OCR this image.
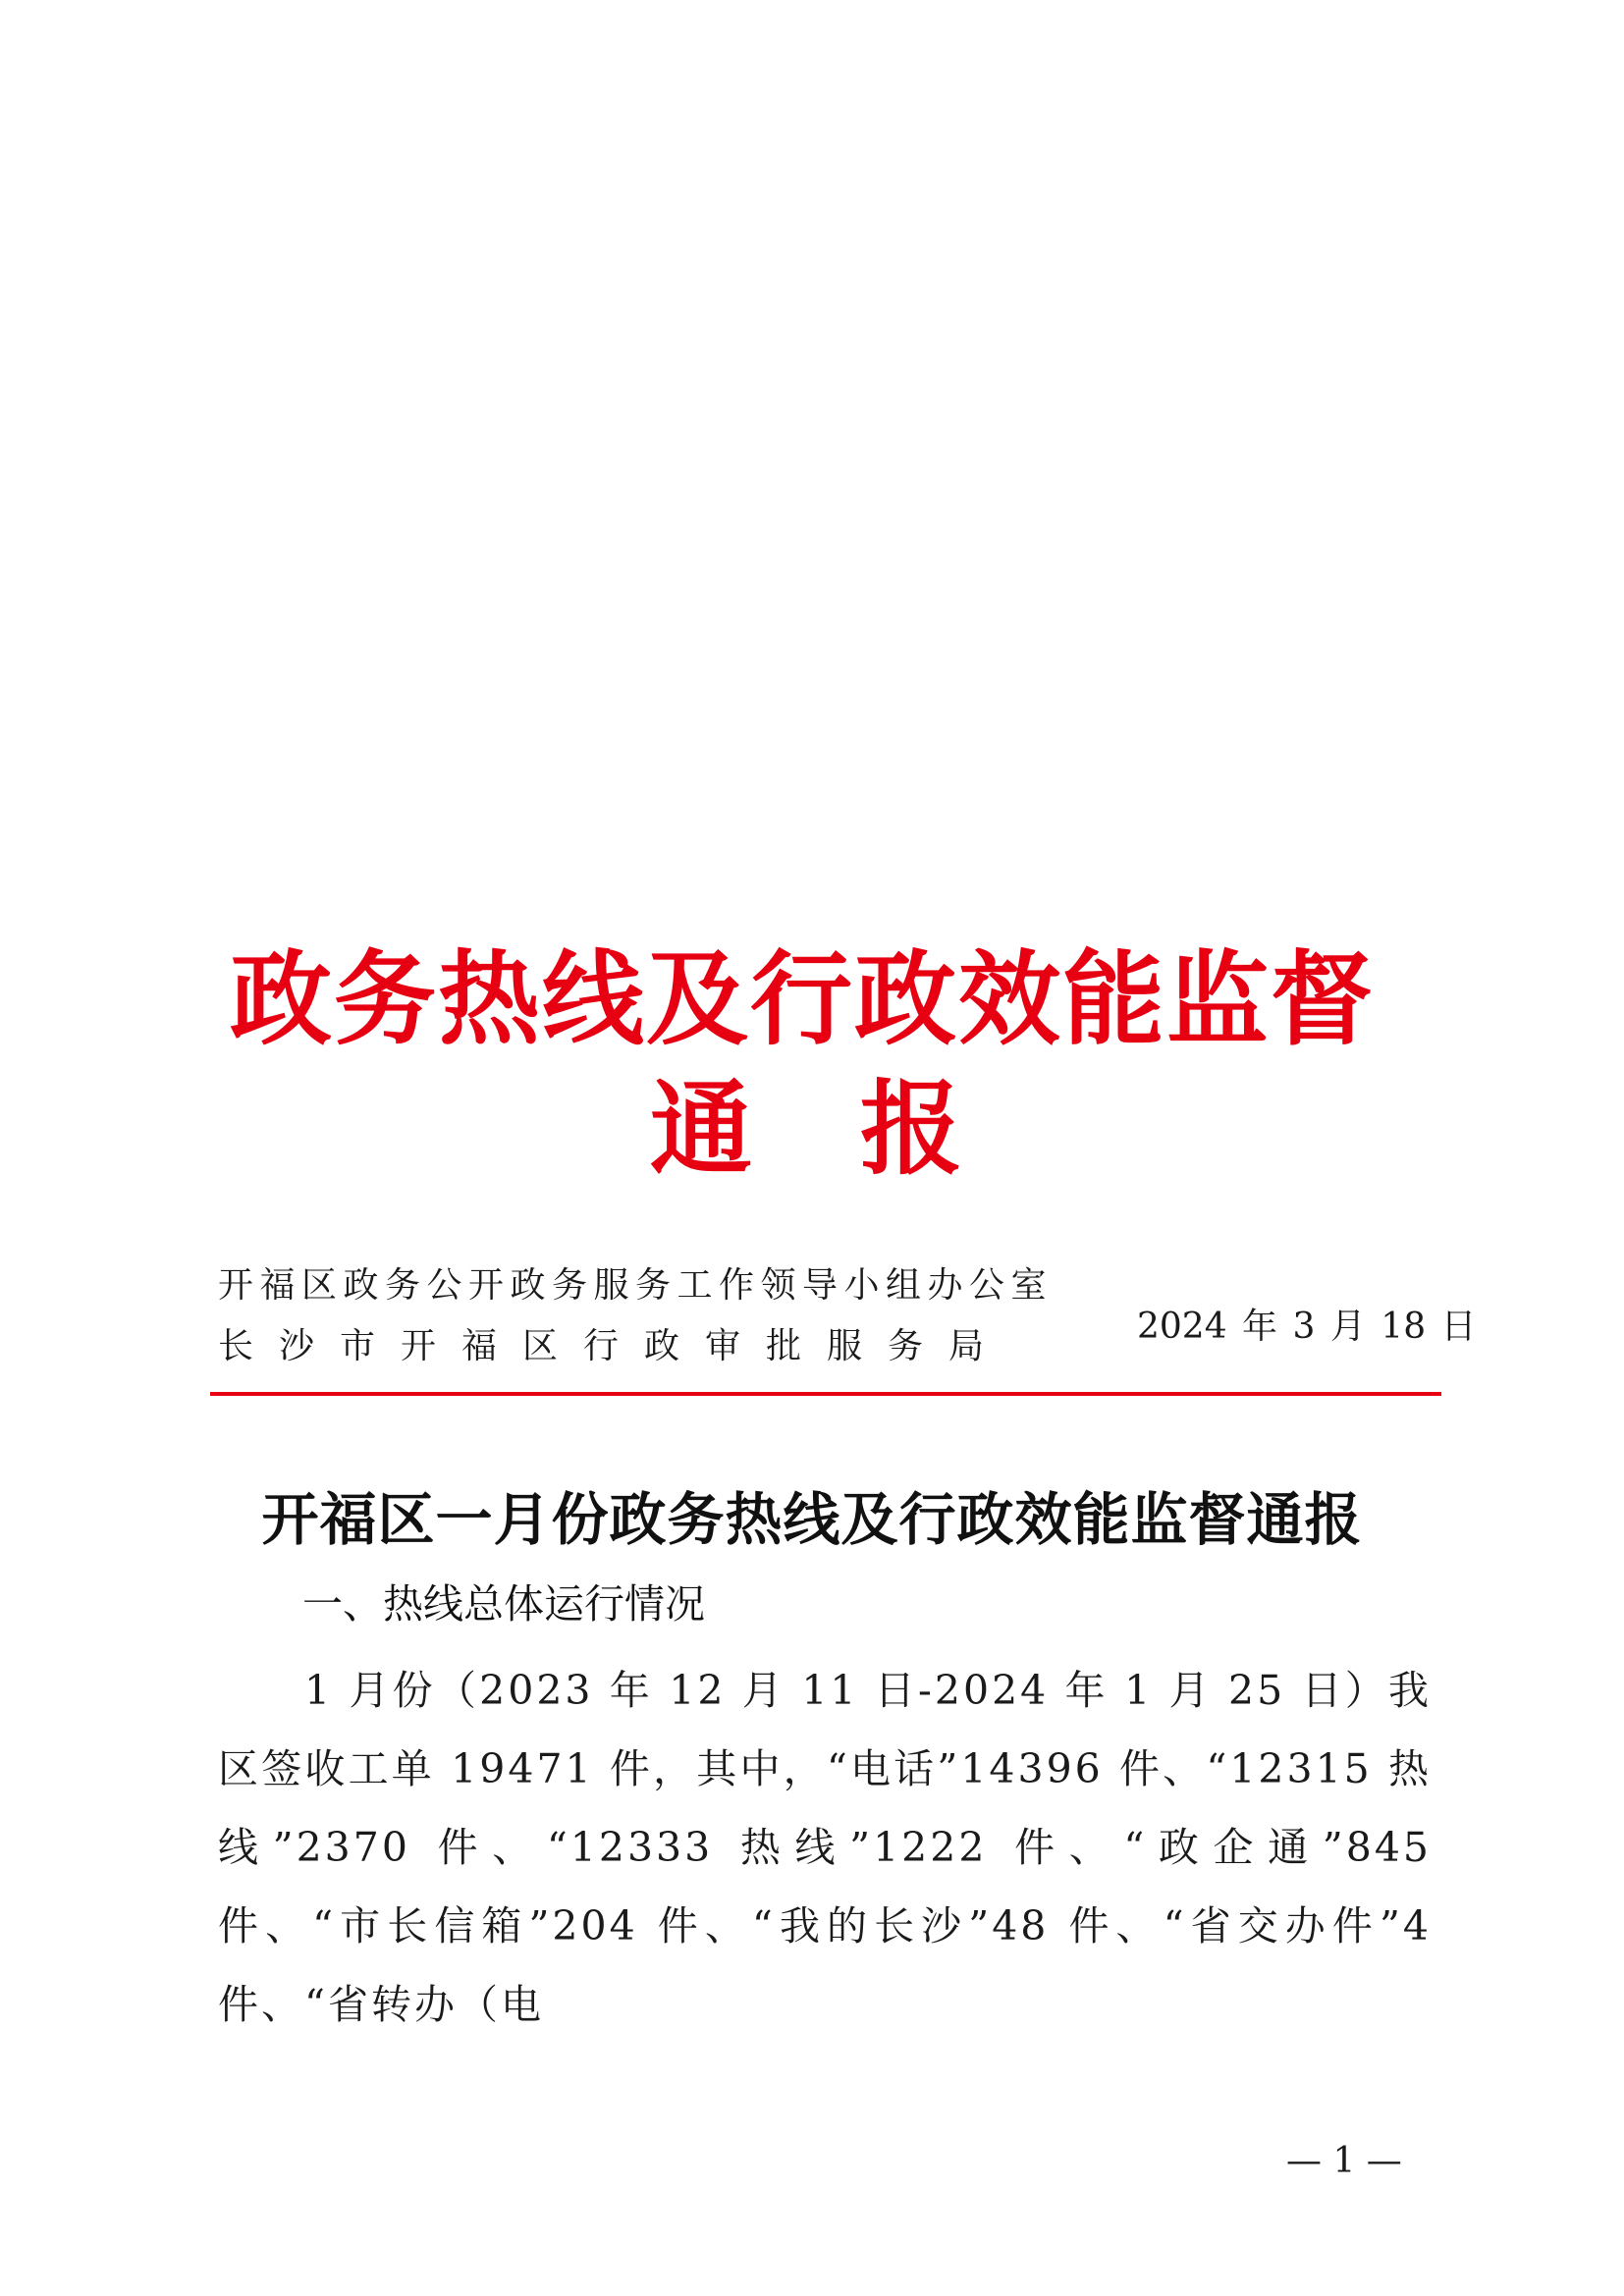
政务热线及行政效能监督
通 报
开福区政务公开政务服务工作领导小组办公室
长沙市开福区行政审批服务局	2024 年 3 月 18 日
开福区一月份政务热线及行政效能监督通报
一、热线总体运行情况

1 月份（2023 年 12 月 11 日-2024 年 1 月 25 日）我区签收工单 19471 件，其中，“电话”14396 件、“12315 热线”2370 件、“12333 热线”1222 件、“政企通”845 件、“市长信箱”204 件、“我的长沙”48 件、“省交办件”4 件、“省转办（电

— 1 —
